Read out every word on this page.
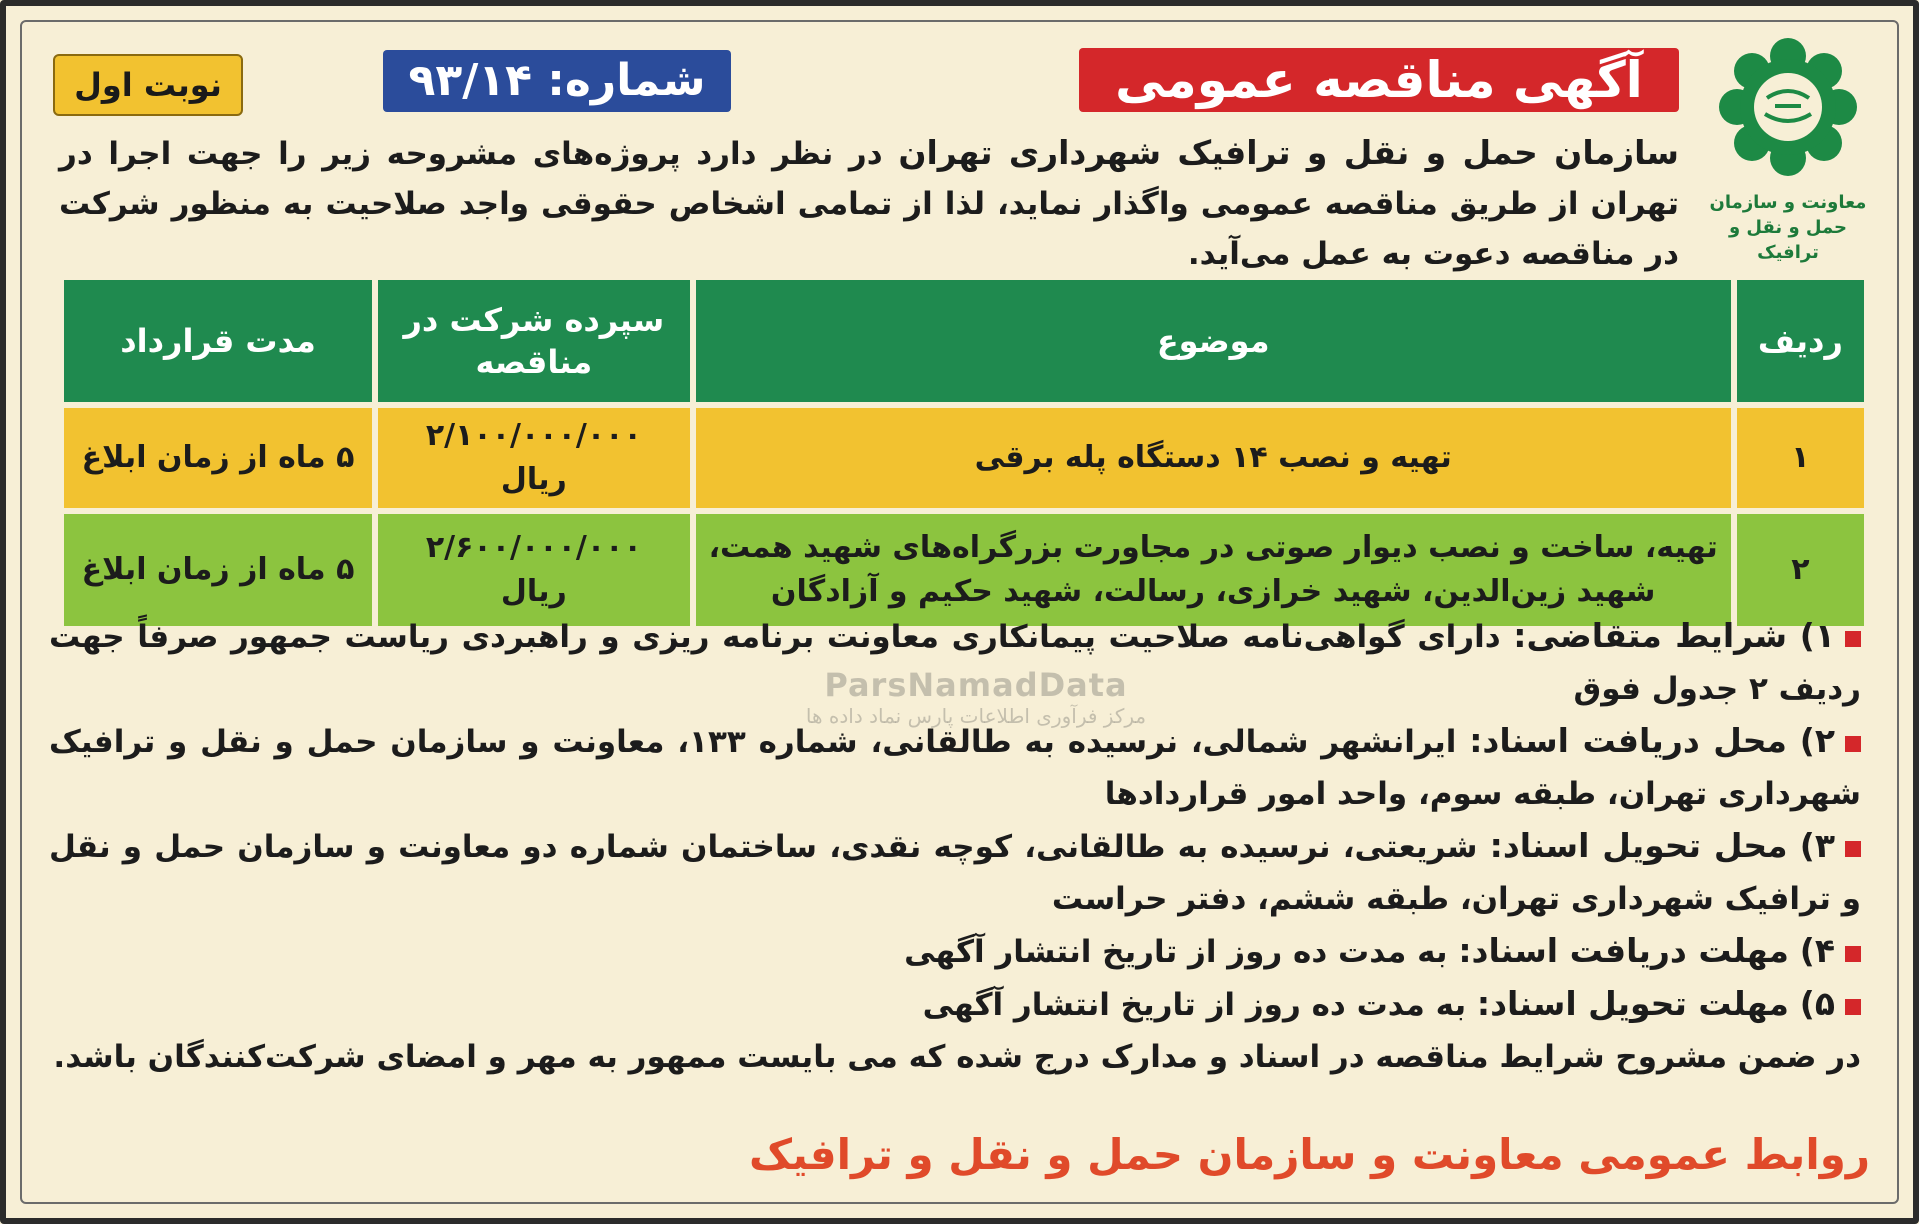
معاونت و سازمان حمل و نقل و ترافیک
آگهی مناقصه عمومی
شماره: ۹۳/۱۴
نوبت اول

سازمان حمل و نقل و ترافیک شهرداری تهران در نظر دارد پروژه‌های مشروحه زیر را جهت اجرا در تهران از طریق مناقصه عمومی واگذار نماید، لذا از تمامی اشخاص حقوقی واجد صلاحیت به منظور شرکت در مناقصه دعوت به عمل می‌آید.

ردیف	موضوع	سپرده شرکت در مناقصه	مدت قرارداد
۱	تهیه و نصب ۱۴ دستگاه پله برقی	۲/۱۰۰/۰۰۰/۰۰۰ ریال	۵ ماه از زمان ابلاغ
۲	تهیه، ساخت و نصب دیوار صوتی در مجاورت بزرگراه‌های شهید همت، شهید زین‌الدین، شهید خرازی، رسالت، شهید حکیم و آزادگان	۲/۶۰۰/۰۰۰/۰۰۰ ریال	۵ ماه از زمان ابلاغ

۱) شرایط متقاضی: دارای گواهی‌نامه صلاحیت پیمانکاری معاونت برنامه ریزی و راهبردی ریاست جمهور صرفاً جهت ردیف ۲ جدول فوق

۲) محل دریافت اسناد: ایرانشهر شمالی، نرسیده به طالقانی، شماره ۱۳۳، معاونت و سازمان حمل و نقل و ترافیک شهرداری تهران، طبقه سوم، واحد امور قراردادها

۳) محل تحویل اسناد: شریعتی، نرسیده به طالقانی، کوچه نقدی، ساختمان شماره دو معاونت و سازمان حمل و نقل و ترافیک شهرداری تهران، طبقه ششم، دفتر حراست

۴) مهلت دریافت اسناد: به مدت ده روز از تاریخ انتشار آگهی

۵) مهلت تحویل اسناد: به مدت ده روز از تاریخ انتشار آگهی

در ضمن مشروح شرایط مناقصه در اسناد و مدارک درج شده که می بایست ممهور به مهر و امضای شرکت‌کنندگان باشد.

روابط عمومی معاونت و سازمان حمل و نقل و ترافیک
ParsNamadData
مرکز فرآوری اطلاعات پارس نماد داده ها
